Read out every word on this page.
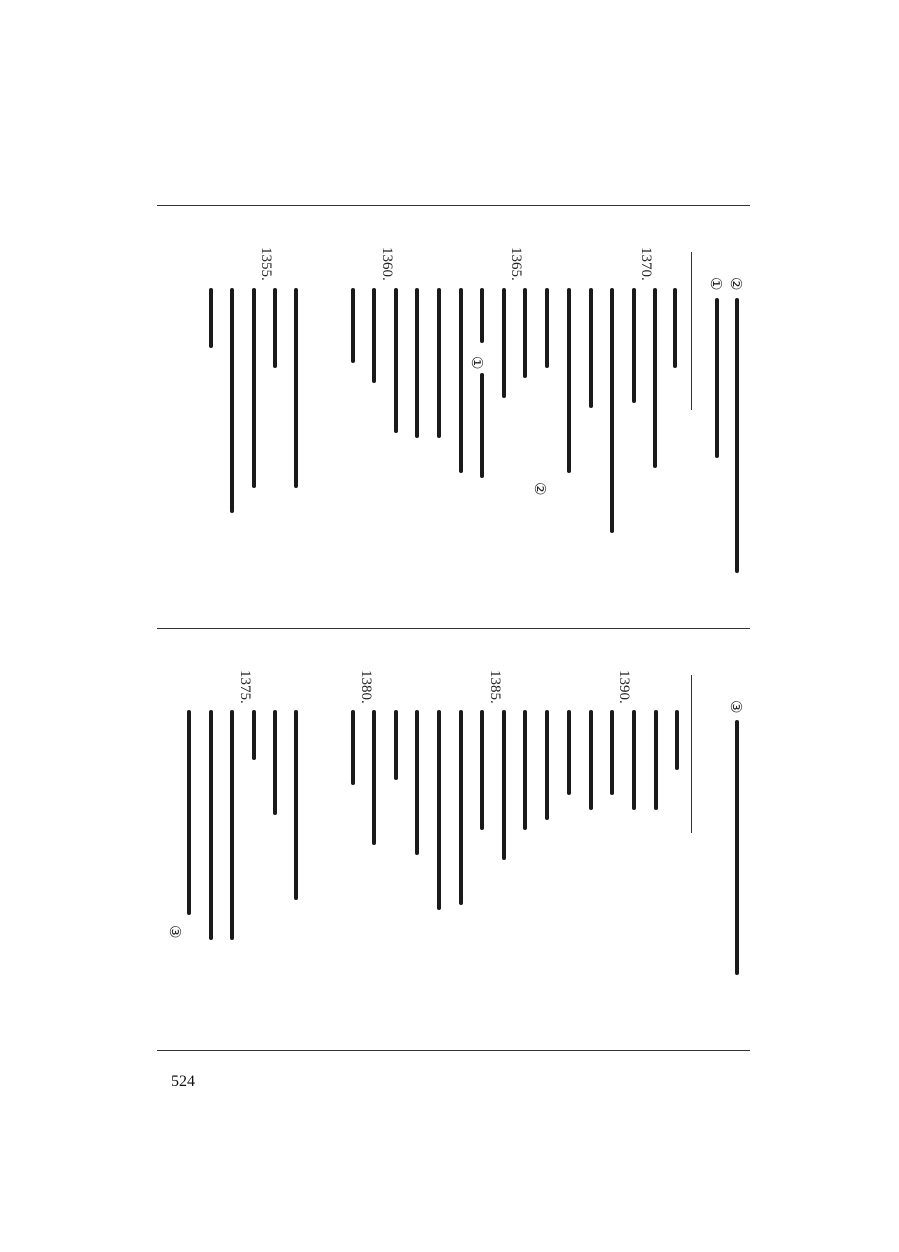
②
①
1370.
1365.
1360.
1355.
②
①
③
1390.
1385.
1380.
1375.
③
524
